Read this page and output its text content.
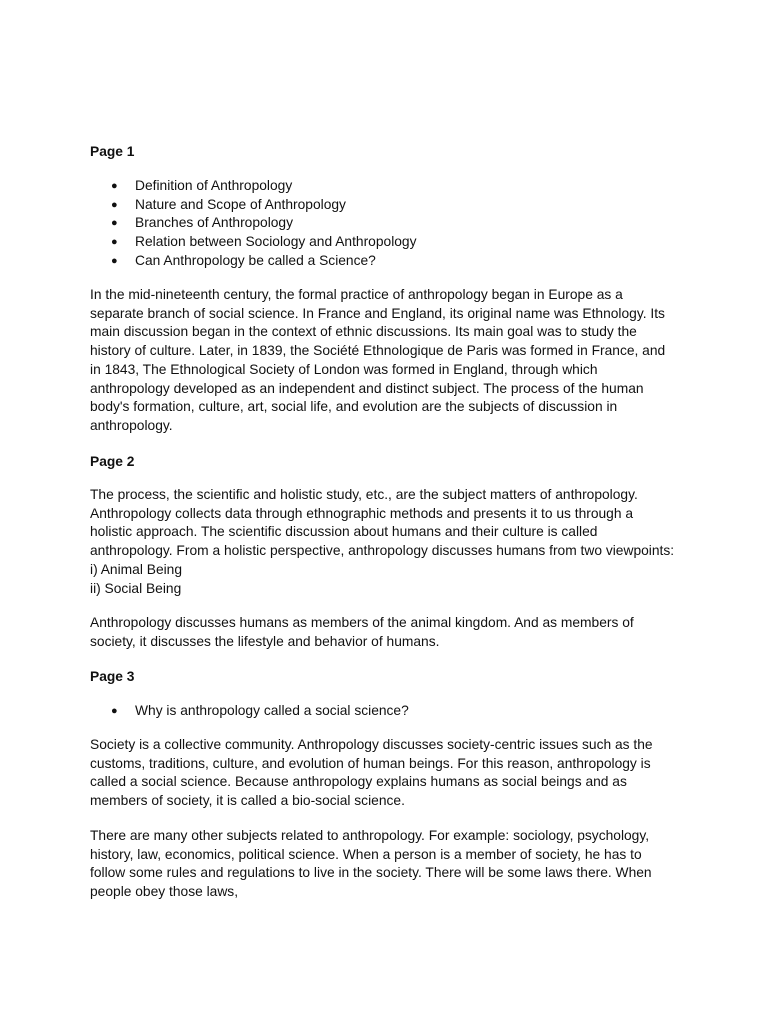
Page 1
● Definition of Anthropology
● Nature and Scope of Anthropology
● Branches of Anthropology
● Relation between Sociology and Anthropology
● Can Anthropology be called a Science?
In the mid-nineteenth century, the formal practice of anthropology began in Europe as a
separate branch of social science. In France and England, its original name was Ethnology. Its
main discussion began in the context of ethnic discussions. Its main goal was to study the
history of culture. Later, in 1839, the Société Ethnologique de Paris was formed in France, and
in 1843, The Ethnological Society of London was formed in England, through which
anthropology developed as an independent and distinct subject. The process of the human
body's formation, culture, art, social life, and evolution are the subjects of discussion in
anthropology.
Page 2
The process, the scientific and holistic study, etc., are the subject matters of anthropology.
Anthropology collects data through ethnographic methods and presents it to us through a
holistic approach. The scientific discussion about humans and their culture is called
anthropology. From a holistic perspective, anthropology discusses humans from two viewpoints:
i) Animal Being
ii) Social Being
Anthropology discusses humans as members of the animal kingdom. And as members of
society, it discusses the lifestyle and behavior of humans.
Page 3
● Why is anthropology called a social science?
Society is a collective community. Anthropology discusses society-centric issues such as the
customs, traditions, culture, and evolution of human beings. For this reason, anthropology is
called a social science. Because anthropology explains humans as social beings and as
members of society, it is called a bio-social science.
There are many other subjects related to anthropology. For example: sociology, psychology,
history, law, economics, political science. When a person is a member of society, he has to
follow some rules and regulations to live in the society. There will be some laws there. When
people obey those laws,
